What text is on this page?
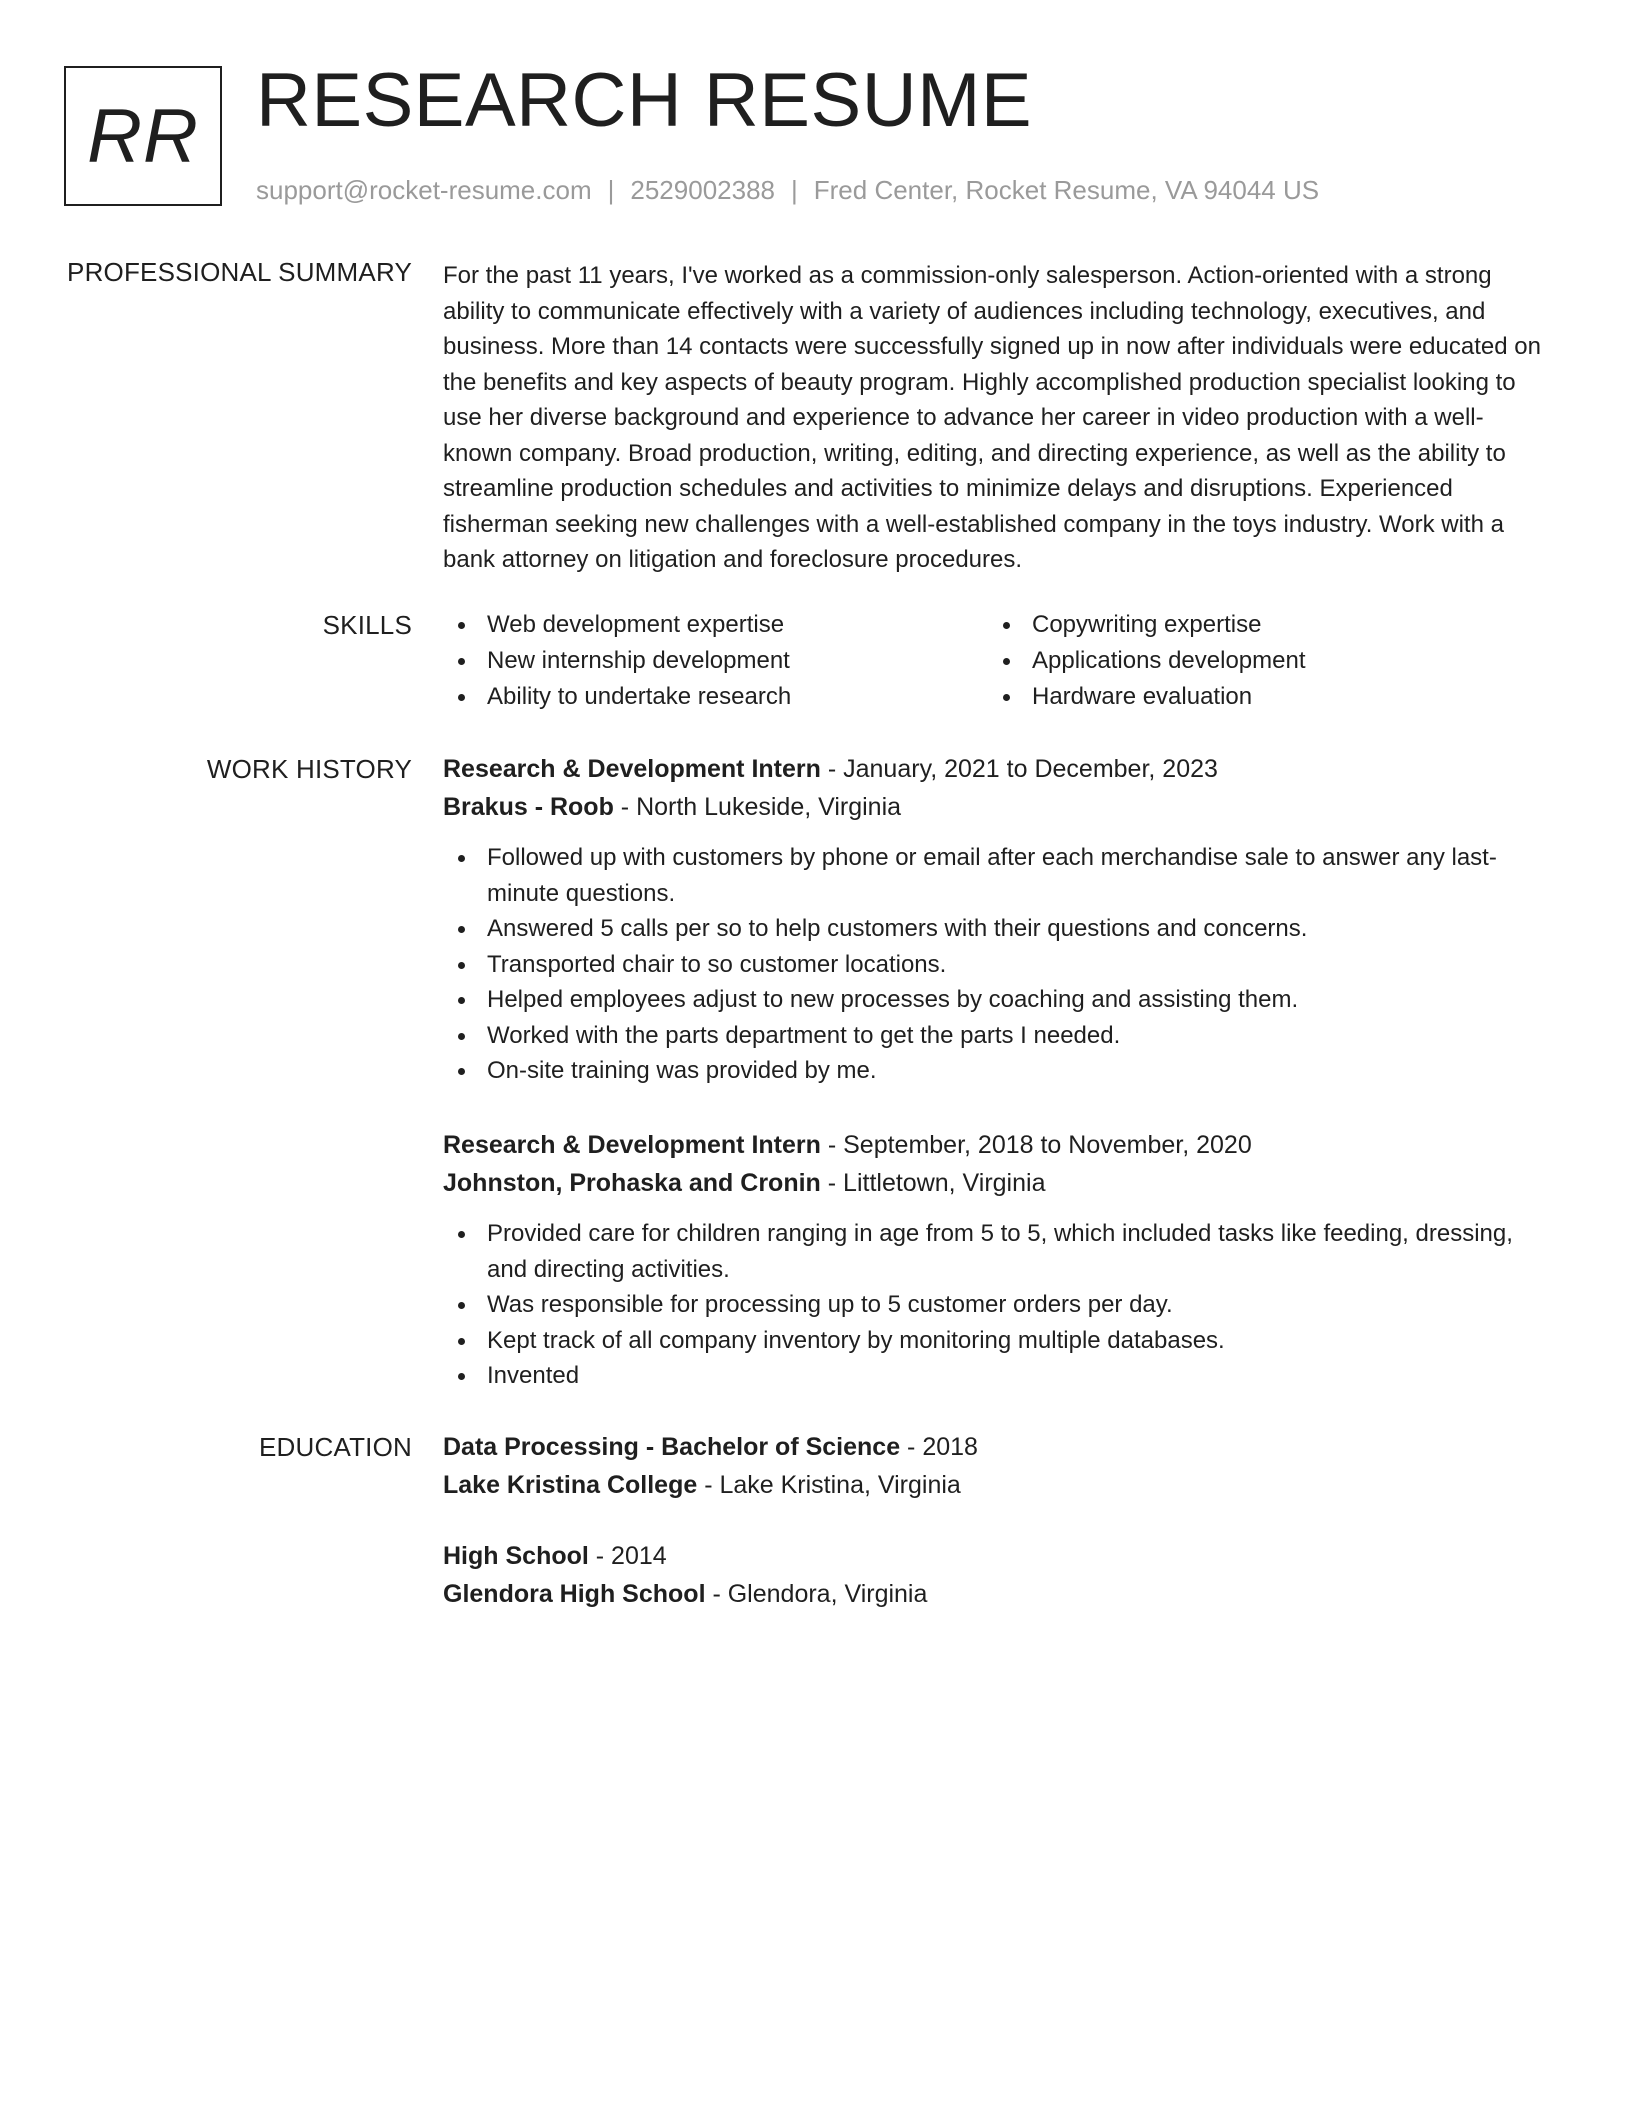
RR RESEARCH RESUME
support@rocket-resume.com | 2529002388 | Fred Center, Rocket Resume, VA 94044 US
PROFESSIONAL SUMMARY For the past 11 years, I've worked as a commission-only salesperson. Action-oriented with a strong ability to communicate effectively with a variety of audiences including technology, executives, and business. More than 14 contacts were successfully signed up in now after individuals were educated on the benefits and key aspects of beauty program. Highly accomplished production specialist looking to use her diverse background and experience to advance her career in video production with a well-known company. Broad production, writing, editing, and directing experience, as well as the ability to streamline production schedules and activities to minimize delays and disruptions. Experienced fisherman seeking new challenges with a well-established company in the toys industry. Work with a bank attorney on litigation and foreclosure procedures.

SKILLS	Web development expertise
New internship development
Ability to undertake research
Copywriting expertise
Applications development
Hardware evaluation
WORK HISTORY Research & Development Intern - January, 2021 to December, 2023
Brakus - Roob - North Lukeside, Virginia
Followed up with customers by phone or email after each merchandise sale to answer any last-minute questions.
Answered 5 calls per so to help customers with their questions and concerns.
Transported chair to so customer locations.
Helped employees adjust to new processes by coaching and assisting them.
Worked with the parts department to get the parts I needed.
On-site training was provided by me.
Research & Development Intern - September, 2018 to November, 2020
Johnston, Prohaska and Cronin - Littletown, Virginia
Provided care for children ranging in age from 5 to 5, which included tasks like feeding, dressing, and directing activities.
Was responsible for processing up to 5 customer orders per day.
Kept track of all company inventory by monitoring multiple databases.
Invented
EDUCATION Data Processing - Bachelor of Science - 2018
Lake Kristina College - Lake Kristina, Virginia
High School - 2014
Glendora High School - Glendora, Virginia
